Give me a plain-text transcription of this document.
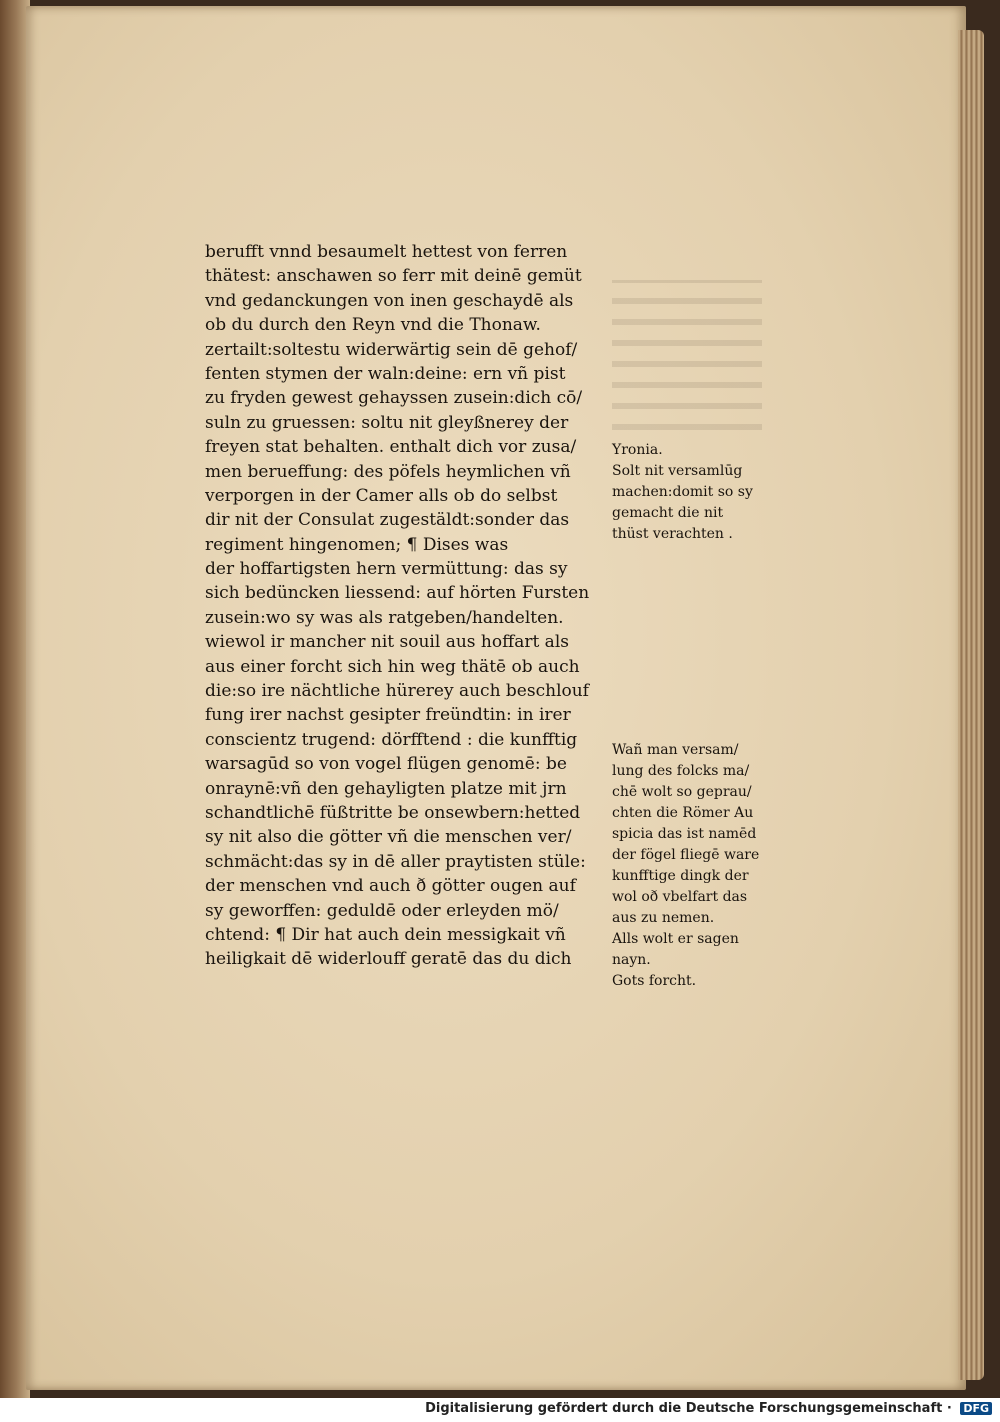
berufft vnnd besaumelt hettest von ferren
thätest: anschawen so ferr mit deinē gemüt
vnd gedanckungen von inen geschaydē als
ob du durch den Reyn vnd die Thonaw.
zertailt:soltestu widerwärtig sein dē gehof/
fenten stymen der waln:deine: ern vñ pist
zu fryden gewest gehayssen zusein:dich cō/
suln zu gruessen: soltu nit gleyßnerey der
freyen stat behalten. enthalt dich vor zusa/
men berueffung: des pöfels heymlichen vñ
verporgen in der Camer alls ob do selbst
dir nit der Consulat zugestäldt:sonder das
regiment hingenomen; ¶ Dises was
der hoffartigsten hern vermüttung: das sy
sich bedüncken liessend: auf hörten Fursten
zusein:wo sy was als ratgeben/handelten.
wiewol ir mancher nit souil aus hoffart als
aus einer forcht sich hin weg thätē ob auch
die:so ire nächtliche hürerey auch beschlouf
fung irer nachst gesipter freündtin: in irer
conscientz trugend: dörfftend : die kunfftig
warsagūd so von vogel flügen genomē: be
onraynē:vñ den gehayligten platze mit jrn
schandtlichē füßtritte be onsewbern:hetted
sy nit also die götter vñ die menschen ver/
schmächt:das sy in dē aller praytisten stüle:
der menschen vnd auch ð götter ougen auf
sy geworffen: geduldē oder erleyden mö/
chtend: ¶ Dir hat auch dein messigkait vñ
heiligkait dē widerlouff geratē das du dich
Yronia.
Solt nit versamlūg
machen:domit so sy
gemacht die nit
thüst verachten .
Wañ man versam/
lung des folcks ma/
chē wolt so geprau/
chten die Römer Au
spicia das ist namēd
der fögel fliegē ware
kunfftige dingk der
wol oð vbelfart das
aus zu nemen.
Alls wolt er sagen
nayn.
Gots forcht.
Digitalisierung gefördert durch die Deutsche Forschungsgemeinschaft · DFG
